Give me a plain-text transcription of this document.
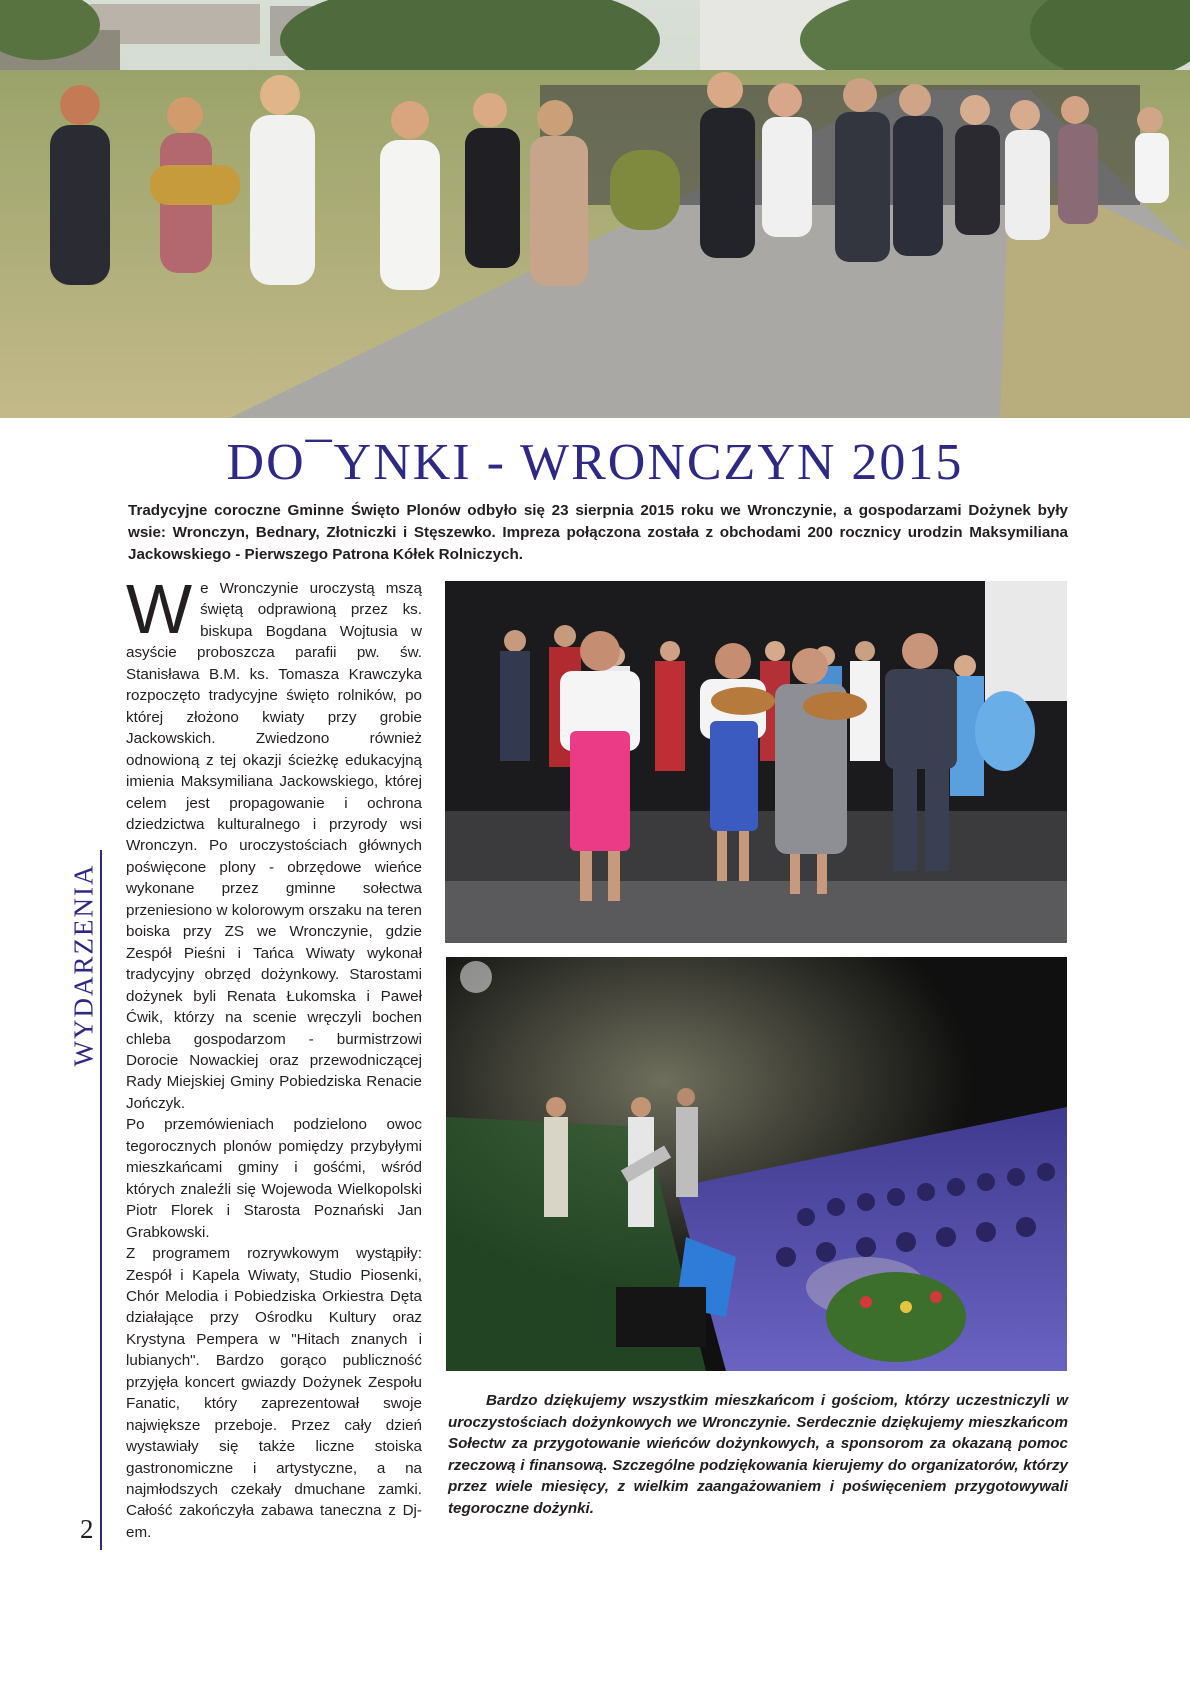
DO¯YNKI - WRONCZYN 2015

Tradycyjne coroczne Gminne Święto Plonów odbyło się 23 sierpnia 2015 roku we Wronczynie, a gospodarzami Dożynek były wsie: Wronczyn, Bednary, Złotniczki i Stęszewko. Impreza połączona została z obchodami 200 rocznicy urodzin Maksymiliana Jackowskiego - Pierwszego Patrona Kółek Rolniczych.

WYDARZENIA
2

We Wronczynie uroczystą mszą świętą odprawioną przez ks. biskupa Bogdana Wojtusia w asyście proboszcza parafii pw. św. Stanisława B.M. ks. Tomasza Krawczyka rozpoczęto tradycyjne święto rolników, po której złożono kwiaty przy grobie Jackowskich. Zwiedzono również odnowioną z tej okazji ścieżkę edukacyjną imienia Maksymiliana Jackowskiego, której celem jest propagowanie i ochrona dziedzictwa kulturalnego i przyrody wsi Wronczyn. Po uroczystościach głównych poświęcone plony - obrzędowe wieńce wykonane przez gminne sołectwa przeniesiono w kolorowym orszaku na teren boiska przy ZS we Wronczynie, gdzie Zespół Pieśni i Tańca Wiwaty wykonał tradycyjny obrzęd dożynkowy. Starostami dożynek byli Renata Łukomska i Paweł Ćwik, którzy na scenie wręczyli bochen chleba gospodarzom - burmistrzowi Dorocie Nowackiej oraz przewodniczącej Rady Miejskiej Gminy Pobiedziska Renacie Jończyk.

Po przemówieniach podzielono owoc tegorocznych plonów pomiędzy przybyłymi mieszkańcami gminy i gośćmi, wśród których znaleźli się Wojewoda Wielkopolski Piotr Florek i Starosta Poznański Jan Grabkowski.

Z programem rozrywkowym wystąpiły: Zespół i Kapela Wiwaty, Studio Piosenki, Chór Melodia i Pobiedziska Orkiestra Dęta działające przy Ośrodku Kultury oraz Krystyna Pempera w "Hitach znanych i lubianych". Bardzo gorąco publiczność przyjęła koncert gwiazdy Dożynek Zespołu Fanatic, który zaprezentował swoje największe przeboje. Przez cały dzień wystawiały się także liczne stoiska gastronomiczne i artystyczne, a na najmłodszych czekały dmuchane zamki. Całość zakończyła zabawa taneczna z Dj-em.

Bardzo dziękujemy wszystkim mieszkańcom i gościom, którzy uczestniczyli w uroczystościach dożynkowych we Wronczynie. Serdecznie dziękujemy mieszkańcom Sołectw za przygotowanie wieńców dożynkowych, a sponsorom za okazaną pomoc rzeczową i finansową. Szczególne podziękowania kierujemy do organizatorów, którzy przez wiele miesięcy, z wielkim zaangażowaniem i poświęceniem przygotowywali tegoroczne dożynki.
